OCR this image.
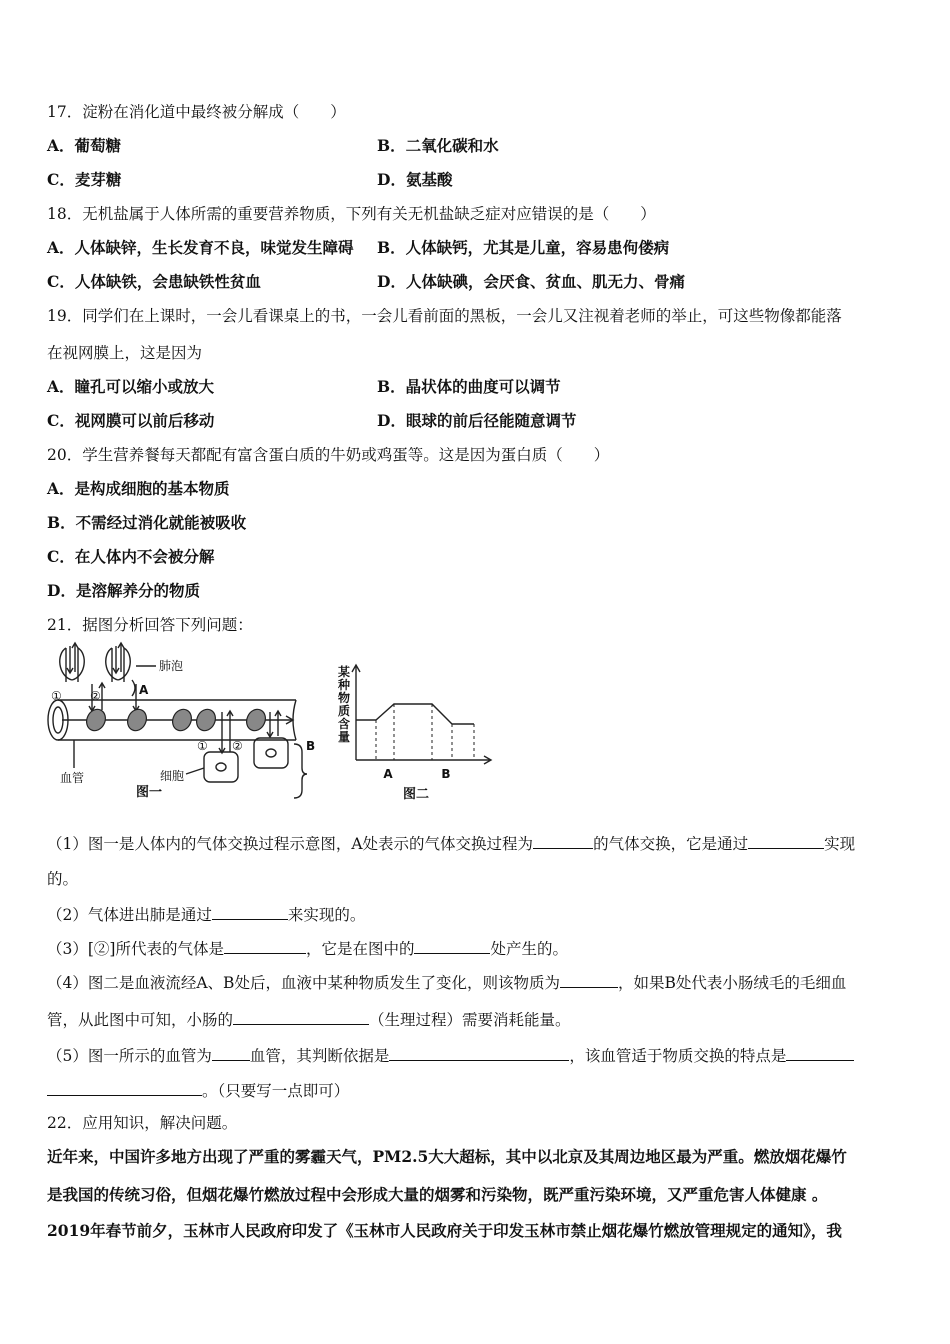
17．淀粉在消化道中最终被分解成（　　）
A．葡萄糖	B．二氧化碳和水
C．麦芽糖	D．氨基酸
18．无机盐属于人体所需的重要营养物质，下列有关无机盐缺乏症对应错误的是（　　）
A．人体缺锌，生长发育不良，味觉发生障碍 B．人体缺钙，尤其是儿童，容易患佝偻病
C．人体缺铁，会患缺铁性贫血	D．人体缺碘，会厌食、贫血、肌无力、骨痛
19．同学们在上课时，一会儿看课桌上的书，一会儿看前面的黑板，一会儿又注视着老师的举止，可这些物像都能落
在视网膜上，这是因为
A．瞳孔可以缩小或放大	B．晶状体的曲度可以调节
C．视网膜可以前后移动	D．眼球的前后径能随意调节
20．学生营养餐每天都配有富含蛋白质的牛奶或鸡蛋等。这是因为蛋白质（　　）
A．是构成细胞的基本物质
B．不需经过消化就能被吸收
C．在人体内不会被分解
D．是溶解养分的物质
21．据图分析回答下列问题：
肺泡
A
① ②
① ②	B
血管	细胞
图一
某种物质含量
A	B
图二
（1）图一是人体内的气体交换过程示意图，A处表示的气体交换过程为	的气体交换，它是通过	实现
的。
（2）气体进出肺是通过	来实现的。
（3）[②]所代表的气体是	，它是在图中的	处产生的。
（4）图二是血液流经A、B处后，血液中某种物质发生了变化，则该物质为	，如果B处代表小肠绒毛的毛细血
管，从此图中可知，小肠的	（生理过程）需要消耗能量。
（5）图一所示的血管为 血管，其判断依据是	，该血管适于物质交换的特点是
。（只要写一点即可）
22．应用知识，解决问题。
近年来，中国许多地方出现了严重的雾霾天气，PM2.5大大超标，其中以北京及其周边地区最为严重。燃放烟花爆竹
是我国的传统习俗，但烟花爆竹燃放过程中会形成大量的烟雾和污染物，既严重污染环境，又严重危害人体健康 。
2019年春节前夕，玉林市人民政府印发了《玉林市人民政府关于印发玉林市禁止烟花爆竹燃放管理规定的通知》，我
